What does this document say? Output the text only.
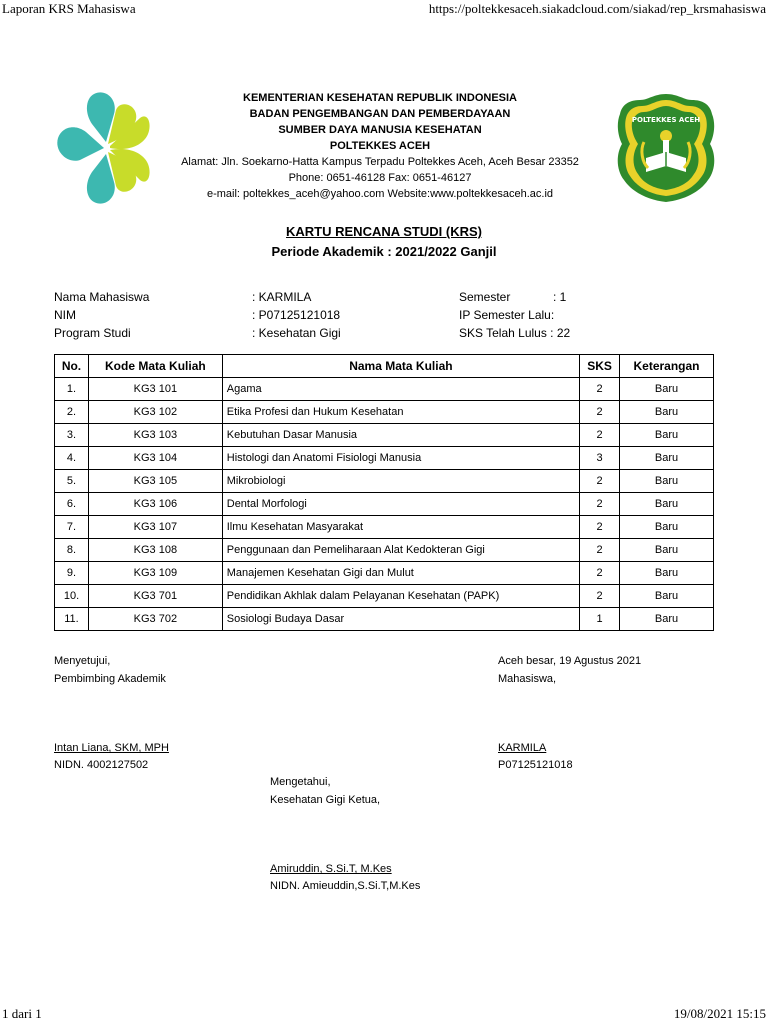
Laporan KRS Mahasiswa	https://poltekkesaceh.siakadcloud.com/siakad/rep_krsmahasiswa
1 dari 1	19/08/2021 15:15
KEMENTERIAN KESEHATAN REPUBLIK INDONESIA
BADAN PENGEMBANGAN DAN PEMBERDAYAAN
SUMBER DAYA MANUSIA KESEHATAN
POLTEKKES ACEH
Alamat: Jln. Soekarno-Hatta Kampus Terpadu Poltekkes Aceh, Aceh Besar 23352
Phone: 0651-46128 Fax: 0651-46127
e-mail: poltekkes_aceh@yahoo.com Website:www.poltekkesaceh.ac.id
POLTEKKES ACEH
KARTU RENCANA STUDI (KRS)
Periode Akademik : 2021/2022 Ganjil
Nama Mahasiswa	: KARMILA
NIM	: P07125121018
Program Studi	: Kesehatan Gigi
Semester	: 1
IP Semester Lalu:
SKS Telah Lulus : 22
No.	Kode Mata Kuliah	Nama Mata Kuliah	SKS	Keterangan
1.	KG3 101	Agama	2	Baru
2.	KG3 102	Etika Profesi dan Hukum Kesehatan	2	Baru
3.	KG3 103	Kebutuhan Dasar Manusia	2	Baru
4.	KG3 104	Histologi dan Anatomi Fisiologi Manusia	3	Baru
5.	KG3 105	Mikrobiologi	2	Baru
6.	KG3 106	Dental Morfologi	2	Baru
7.	KG3 107	Ilmu Kesehatan Masyarakat	2	Baru
8.	KG3 108	Penggunaan dan Pemeliharaan Alat Kedokteran Gigi	2	Baru
9.	KG3 109	Manajemen Kesehatan Gigi dan Mulut	2	Baru
10.	KG3 701	Pendidikan Akhlak dalam Pelayanan Kesehatan (PAPK)	2	Baru
11.	KG3 702	Sosiologi Budaya Dasar	1	Baru
Menyetujui,
Pembimbing Akademik
Intan Liana, SKM, MPH
NIDN. 4002127502
Aceh besar, 19 Agustus 2021
Mahasiswa,
KARMILA
P07125121018
Mengetahui,
Kesehatan Gigi Ketua,
Amiruddin, S.Si.T, M.Kes
NIDN. Amieuddin,S.Si.T,M.Kes
